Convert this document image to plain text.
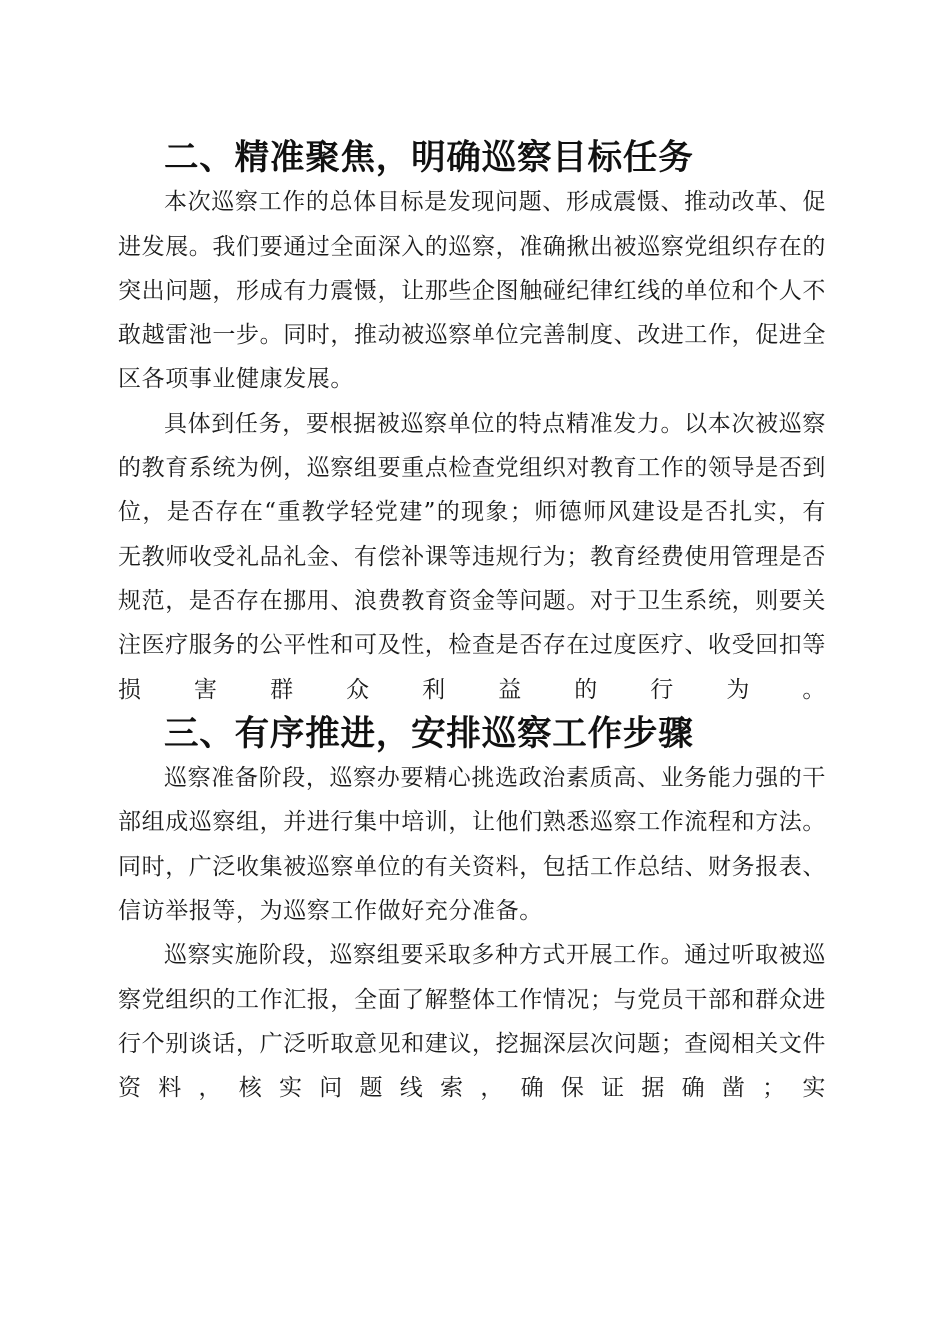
二、精准聚焦，明确巡察目标任务

本次巡察工作的总体目标是发现问题、形成震慑、推动改革、促进发展。我们要通过全面深入的巡察，准确揪出被巡察党组织存在的突出问题，形成有力震慑，让那些企图触碰纪律红线的单位和个人不敢越雷池一步。同时，推动被巡察单位完善制度、改进工作，促进全区各项事业健康发展。

具体到任务，要根据被巡察单位的特点精准发力。以本次被巡察的教育系统为例，巡察组要重点检查党组织对教育工作的领导是否到位，是否存在“重教学轻党建”的现象；师德师风建设是否扎实，有无教师收受礼品礼金、有偿补课等违规行为；教育经费使用管理是否规范，是否存在挪用、浪费教育资金等问题。对于卫生系统，则要关注医疗服务的公平性和可及性，检查是否存在过度医疗、收受回扣等损害群众利益的行为。

三、有序推进，安排巡察工作步骤

巡察准备阶段，巡察办要精心挑选政治素质高、业务能力强的干部组成巡察组，并进行集中培训，让他们熟悉巡察工作流程和方法。同时，广泛收集被巡察单位的有关资料，包括工作总结、财务报表、信访举报等，为巡察工作做好充分准备。

巡察实施阶段，巡察组要采取多种方式开展工作。通过听取被巡察党组织的工作汇报，全面了解整体工作情况；与党员干部和群众进行个别谈话，广泛听取意见和建议，挖掘深层次问题；查阅相关文件资料，核实问题线索，确保证据确凿；实
